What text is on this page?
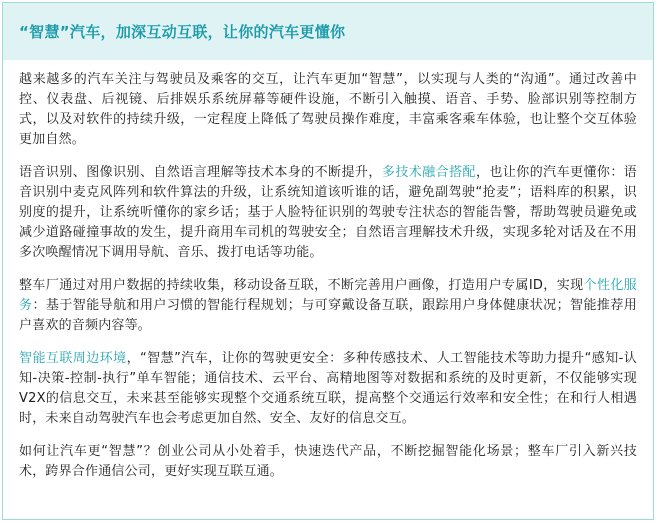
“智慧”汽车，加深互动互联，让你的汽车更懂你

越来越多的汽车关注与驾驶员及乘客的交互，让汽车更加“智慧”，以实现与人类的“沟通”。通过改善中控、仪表盘、后视镜、后排娱乐系统屏幕等硬件设施，不断引入触摸、语音、手势、脸部识别等控制方式，以及对软件的持续升级，一定程度上降低了驾驶员操作难度，丰富乘客乘车体验，也让整个交互体验更加自然。

语音识别、图像识别、自然语言理解等技术本身的不断提升，多技术融合搭配，也让你的汽车更懂你：语音识别中麦克风阵列和软件算法的升级，让系统知道该听谁的话，避免副驾驶“抢麦”；语料库的积累，识别度的提升，让系统听懂你的家乡话；基于人脸特征识别的驾驶专注状态的智能告警，帮助驾驶员避免或减少道路碰撞事故的发生，提升商用车司机的驾驶安全；自然语言理解技术升级，实现多轮对话及在不用多次唤醒情况下调用导航、音乐、拨打电话等功能。

整车厂通过对用户数据的持续收集，移动设备互联，不断完善用户画像，打造用户专属ID，实现个性化服务：基于智能导航和用户习惯的智能行程规划；与可穿戴设备互联，跟踪用户身体健康状况；智能推荐用户喜欢的音频内容等。

智能互联周边环境，“智慧”汽车，让你的驾驶更安全：多种传感技术、人工智能技术等助力提升“感知-认知-决策-控制-执行”单车智能；通信技术、云平台、高精地图等对数据和系统的及时更新，不仅能够实现V2X的信息交互，未来甚至能够实现整个交通系统互联，提高整个交通运行效率和安全性；在和行人相遇时，未来自动驾驶汽车也会考虑更加自然、安全、友好的信息交互。

如何让汽车更“智慧”？创业公司从小处着手，快速迭代产品，不断挖掘智能化场景；整车厂引入新兴技术，跨界合作通信公司，更好实现互联互通。
